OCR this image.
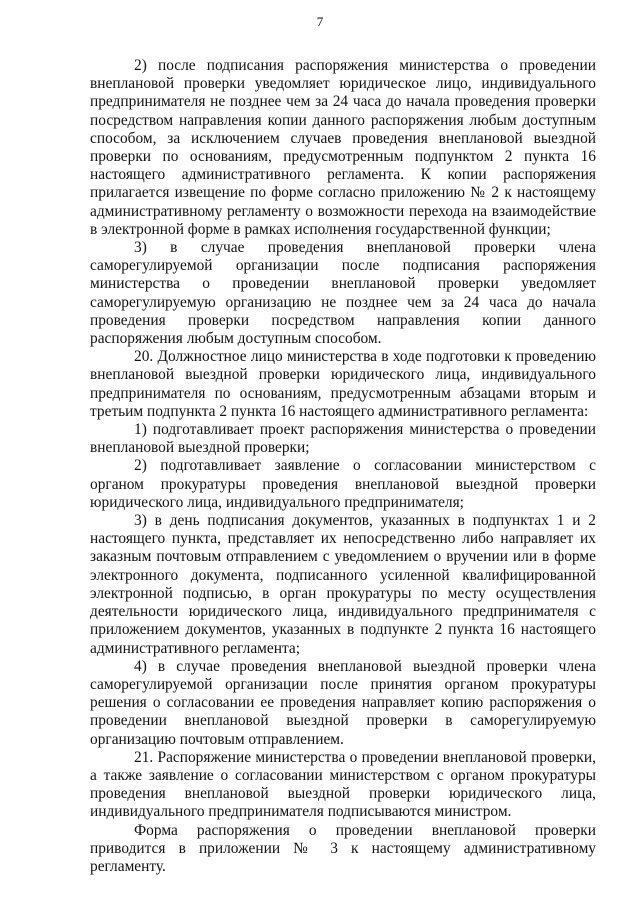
7

2) после подписания распоряжения министерства о проведении внеплановой проверки уведомляет юридическое лицо, индивидуального предпринимателя не позднее чем за 24 часа до начала проведения проверки посредством направления копии данного распоряжения любым доступным способом, за исключением случаев проведения внеплановой выездной проверки по основаниям, предусмотренным подпунктом 2 пункта 16 настоящего административного регламента. К копии распоряжения прилагается извещение по форме согласно приложению № 2 к настоящему административному регламенту о возможности перехода на взаимодействие в электронной форме в рамках исполнения государственной функции;

3) в случае проведения внеплановой проверки члена саморегулируемой организации после подписания распоряжения министерства о проведении внеплановой проверки уведомляет саморегулируемую организацию не позднее чем за 24 часа до начала проведения проверки посредством направления копии данного распоряжения любым доступным способом.

20. Должностное лицо министерства в ходе подготовки к проведению внеплановой выездной проверки юридического лица, индивидуального предпринимателя по основаниям, предусмотренным абзацами вторым и третьим подпункта 2 пункта 16 настоящего административного регламента:

1) подготавливает проект распоряжения министерства о проведении внеплановой выездной проверки;

2) подготавливает заявление о согласовании министерством с органом прокуратуры проведения внеплановой выездной проверки юридического лица, индивидуального предпринимателя;

3) в день подписания документов, указанных в подпунктах 1 и 2 настоящего пункта, представляет их непосредственно либо направляет их заказным почтовым отправлением с уведомлением о вручении или в форме электронного документа, подписанного усиленной квалифицированной электронной подписью, в орган прокуратуры по месту осуществления деятельности юридического лица, индивидуального предпринимателя с приложением документов, указанных в подпункте 2 пункта 16 настоящего административного регламента;

4) в случае проведения внеплановой выездной проверки члена саморегулируемой организации после принятия органом прокуратуры решения о согласовании ее проведения направляет копию распоряжения о проведении внеплановой выездной проверки в саморегулируемую организацию почтовым отправлением.

21. Распоряжение министерства о проведении внеплановой проверки, а также заявление о согласовании министерством с органом прокуратуры проведения внеплановой выездной проверки юридического лица, индивидуального предпринимателя подписываются министром.

Форма распоряжения о проведении внеплановой проверки приводится в приложении № 3 к настоящему административному регламенту.
